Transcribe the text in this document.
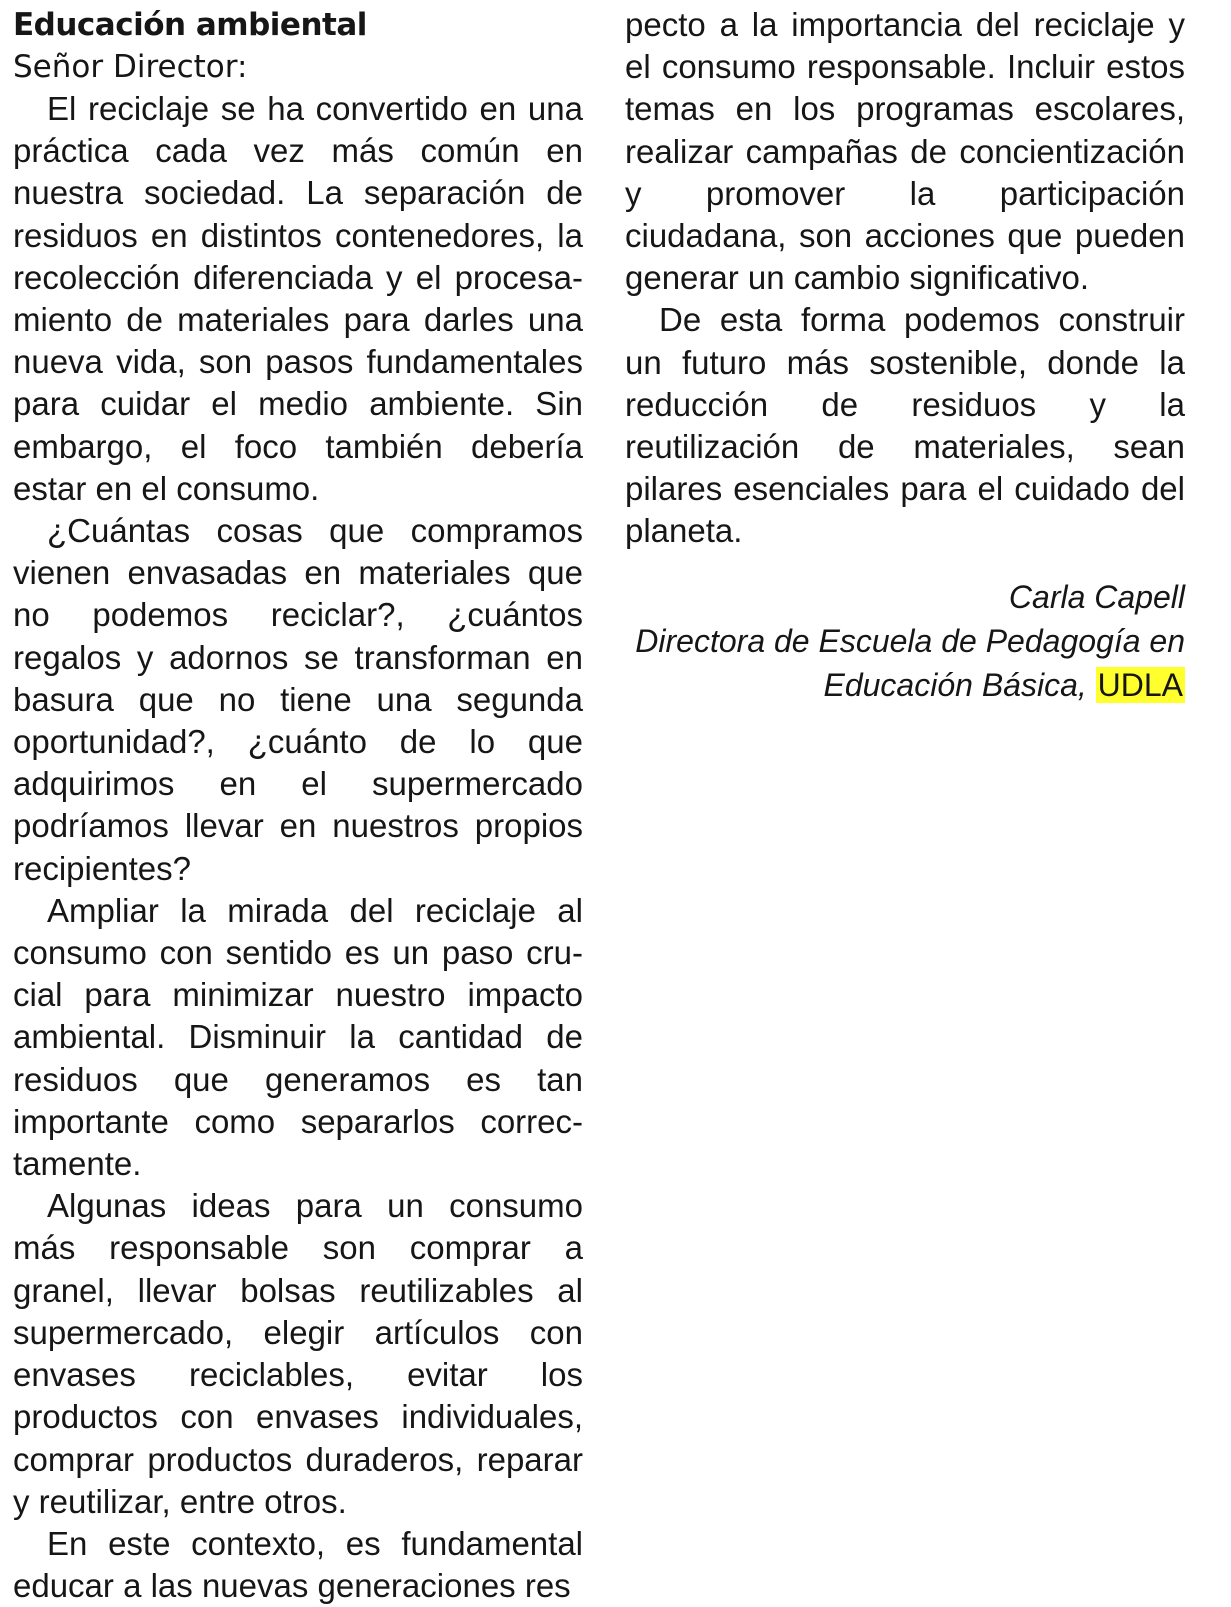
Educación ambiental

Señor Director:

El reciclaje se ha convertido en una práctica cada vez más común en nuestra sociedad. La separación de residuos en distintos contenedores, la recolección diferenciada y el procesamiento de materiales para darles una nueva vida, son pasos fundamentales para cuidar el medio ambiente. Sin embargo, el foco también debería estar en el consumo.

¿Cuántas cosas que compramos vienen envasadas en materiales que no podemos reciclar?, ¿cuántos regalos y adornos se transforman en basura que no tiene una segunda oportunidad?, ¿cuánto de lo que adquirimos en el supermercado podríamos llevar en nuestros propios recipientes?

Ampliar la mirada del reciclaje al consumo con sentido es un paso crucial para minimizar nuestro impacto ambiental. Disminuir la cantidad de residuos que generamos es tan importante como separarlos correctamente.

Algunas ideas para un consumo más responsable son comprar a granel, llevar bolsas reutilizables al supermercado, elegir artículos con envases reciclables, evitar los productos con envases individuales, comprar productos duraderos, reparar y reutilizar, entre otros.

En este contexto, es fundamental educar a las nuevas generaciones res

pecto a la importancia del reciclaje y el consumo responsable. Incluir estos temas en los programas escolares, realizar campañas de concientización y promover la participación ciudadana, son acciones que pueden generar un cambio significativo.

De esta forma podemos construir un futuro más sostenible, donde la reducción de residuos y la reutilización de materiales, sean pilares esenciales para el cuidado del planeta.

Carla Capell

Directora de Escuela de Pedagogía en

Educación Básica, UDLA
